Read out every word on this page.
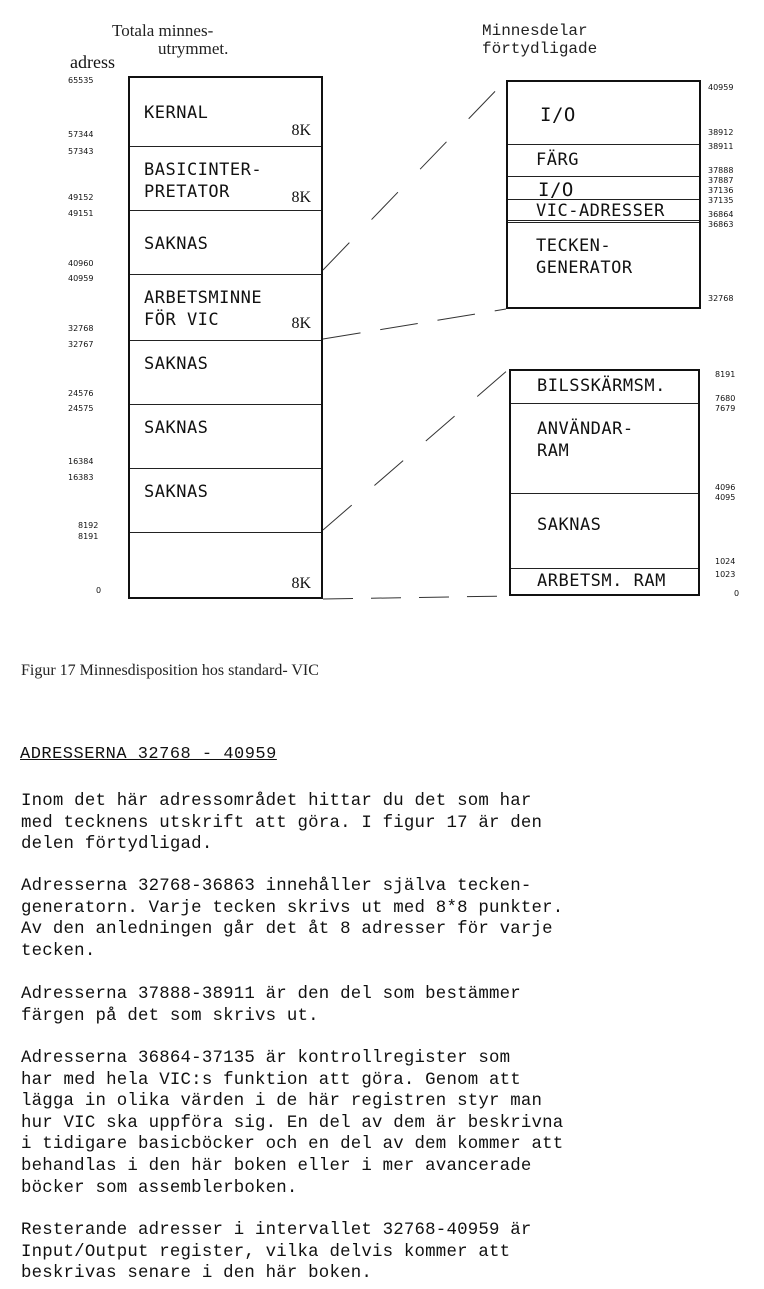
Totala minnes-
utrymmet.
adress
Minnesdelar
förtydligade
65535
57344
57343
49152
49151
40960
40959
32768
32767
24576
24575
16384
16383
8192
8191
0
KERNAL
8K
BASICINTER-
PRETATOR	8K
SAKNAS
ARBETSMINNE
FÖR VIC	8K
SAKNAS
SAKNAS
SAKNAS
8K
I/O
FÄRG
I/O
VIC-ADRESSER
TECKEN-
GENERATOR
40959
38912
38911
37888
37887
37136
37135
36864
36863
32768
BILSSKÄRMSM.
ANVÄNDAR-
RAM
SAKNAS
ARBETSM. RAM
8191
7680
7679
4096
4095
1024
1023
0
Figur 17 Minnesdisposition hos standard- VIC
ADRESSERNA 32768 - 40959
Inom det här adressområdet hittar du det som har
med tecknens utskrift att göra. I figur 17 är den
delen förtydligad.
Adresserna 32768-36863 innehåller själva tecken-
generatorn. Varje tecken skrivs ut med 8*8 punkter.
Av den anledningen går det åt 8 adresser för varje
tecken.
Adresserna 37888-38911 är den del som bestämmer
färgen på det som skrivs ut.
Adresserna 36864-37135 är kontrollregister som
har med hela VIC:s funktion att göra. Genom att
lägga in olika värden i de här registren styr man
hur VIC ska uppföra sig. En del av dem är beskrivna
i tidigare basicböcker och en del av dem kommer att
behandlas i den här boken eller i mer avancerade
böcker som assemblerboken.
Resterande adresser i intervallet 32768-40959 är
Input/Output register, vilka delvis kommer att
beskrivas senare i den här boken.
